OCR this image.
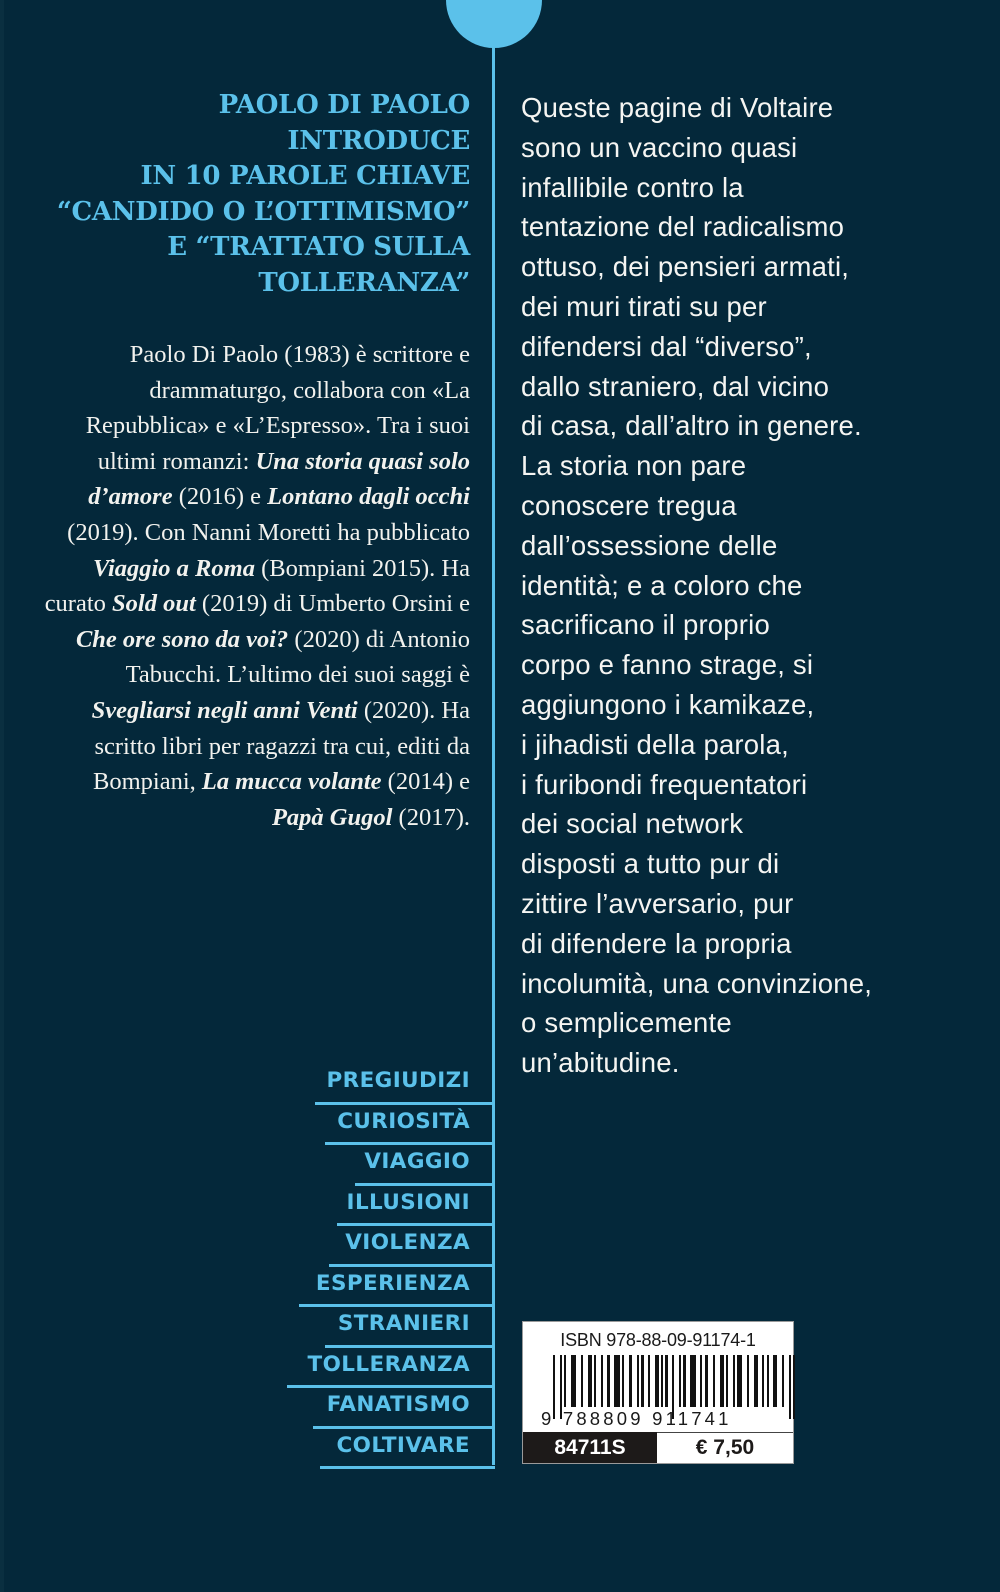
PAOLO DI PAOLO
INTRODUCE
IN 10 PAROLE CHIAVE
“CANDIDO O L’OTTIMISMO”
E “TRATTATO SULLA
TOLLERANZA”
Paolo Di Paolo (1983) è scrittore e drammaturgo, collabora con «La Repubblica» e «L’Espresso». Tra i suoi ultimi romanzi: Una storia quasi solo d’amore (2016) e Lontano dagli occhi (2019). Con Nanni Moretti ha pubblicato Viaggio a Roma (Bompiani 2015). Ha curato Sold out (2019) di Umberto Orsini e Che ore sono da voi? (2020) di Antonio Tabucchi. L’ultimo dei suoi saggi è Svegliarsi negli anni Venti (2020). Ha scritto libri per ragazzi tra cui, editi da Bompiani, La mucca volante (2014) e Papà Gugol (2017).
Queste pagine di Voltaire
sono un vaccino quasi
infallibile contro la
tentazione del radicalismo
ottuso, dei pensieri armati,
dei muri tirati su per
difendersi dal “diverso”,
dallo straniero, dal vicino
di casa, dall’altro in genere.
La storia non pare
conoscere tregua
dall’ossessione delle
identità; e a coloro che
sacrificano il proprio
corpo e fanno strage, si
aggiungono i kamikaze,
i jihadisti della parola,
i furibondi frequentatori
dei social network
disposti a tutto pur di
zittire l’avversario, pur
di difendere la propria
incolumità, una convinzione,
o semplicemente
un’abitudine.
PREGIUDIZI
CURIOSITÀ
VIAGGIO
ILLUSIONI
VIOLENZA
ESPERIENZA
STRANIERI
TOLLERANZA
FANATISMO
COLTIVARE
ISBN 978-88-09-91174-1
9 788809 911741
84711S	€ 7,50
